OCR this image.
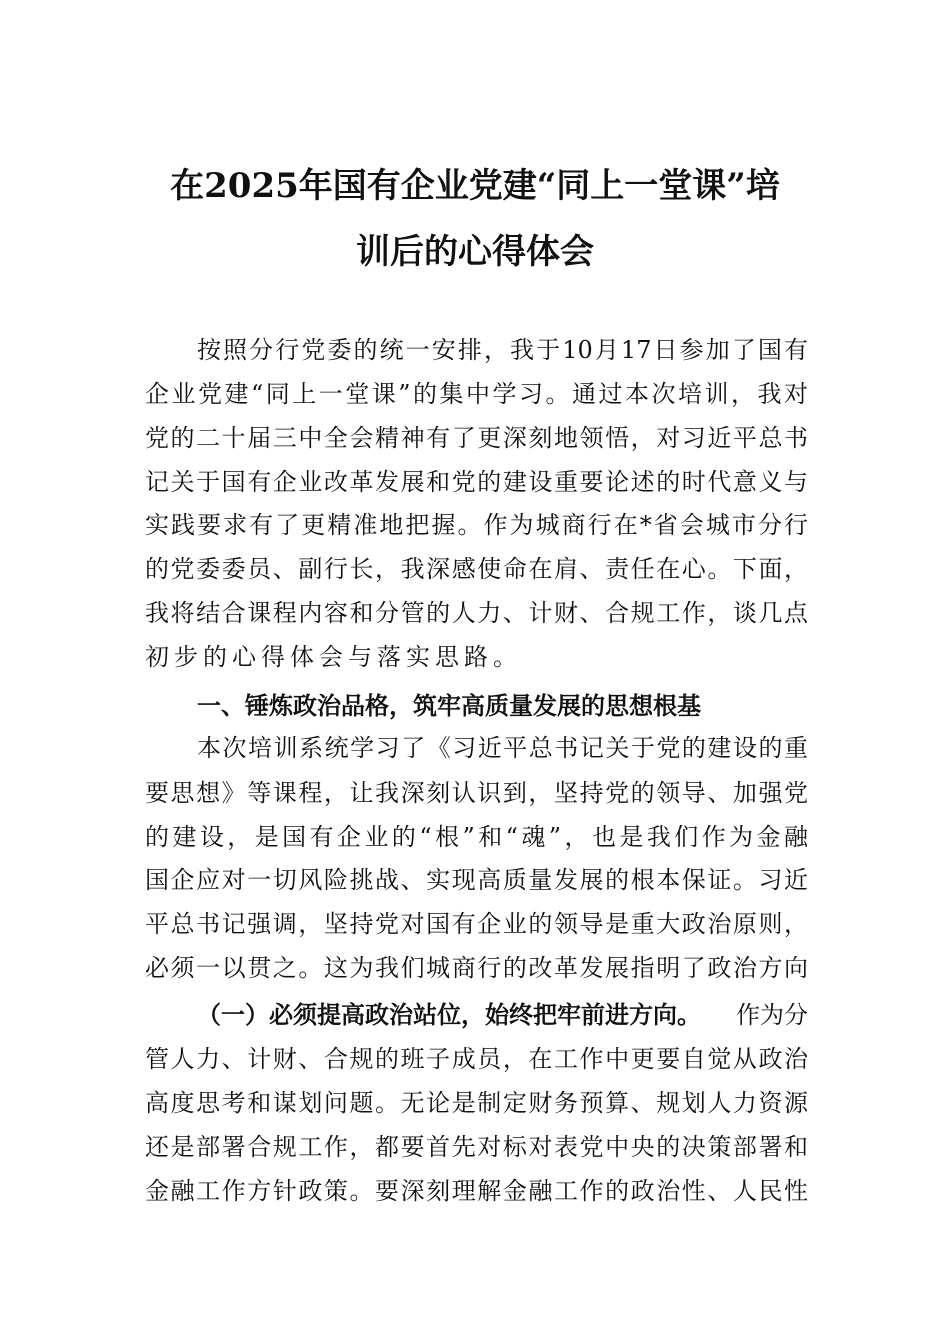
在2025年国有企业党建“同上一堂课”培
训后的心得体会
按照分行党委的统一安排，我于10月17日参加了国有
企业党建“同上一堂课”的集中学习。通过本次培训，我对
党的二十届三中全会精神有了更深刻地领悟，对习近平总书
记关于国有企业改革发展和党的建设重要论述的时代意义与
实践要求有了更精准地把握。作为城商行在*省会城市分行
的党委委员、副行长，我深感使命在肩、责任在心。下面，
我将结合课程内容和分管的人力、计财、合规工作，谈几点
初步的心得体会与落实思路。
一、锤炼政治品格，筑牢高质量发展的思想根基
本次培训系统学习了《习近平总书记关于党的建设的重
要思想》等课程，让我深刻认识到，坚持党的领导、加强党
的建设，是国有企业的“根”和“魂”，也是我们作为金融
国企应对一切风险挑战、实现高质量发展的根本保证。习近
平总书记强调，坚持党对国有企业的领导是重大政治原则，
必须一以贯之。这为我们城商行的改革发展指明了政治方向
（一）必须提高政治站位，始终把牢前进方向。 作为分
管人力、计财、合规的班子成员，在工作中更要自觉从政治
高度思考和谋划问题。无论是制定财务预算、规划人力资源
还是部署合规工作，都要首先对标对表党中央的决策部署和
金融工作方针政策。要深刻理解金融工作的政治性、人民性
